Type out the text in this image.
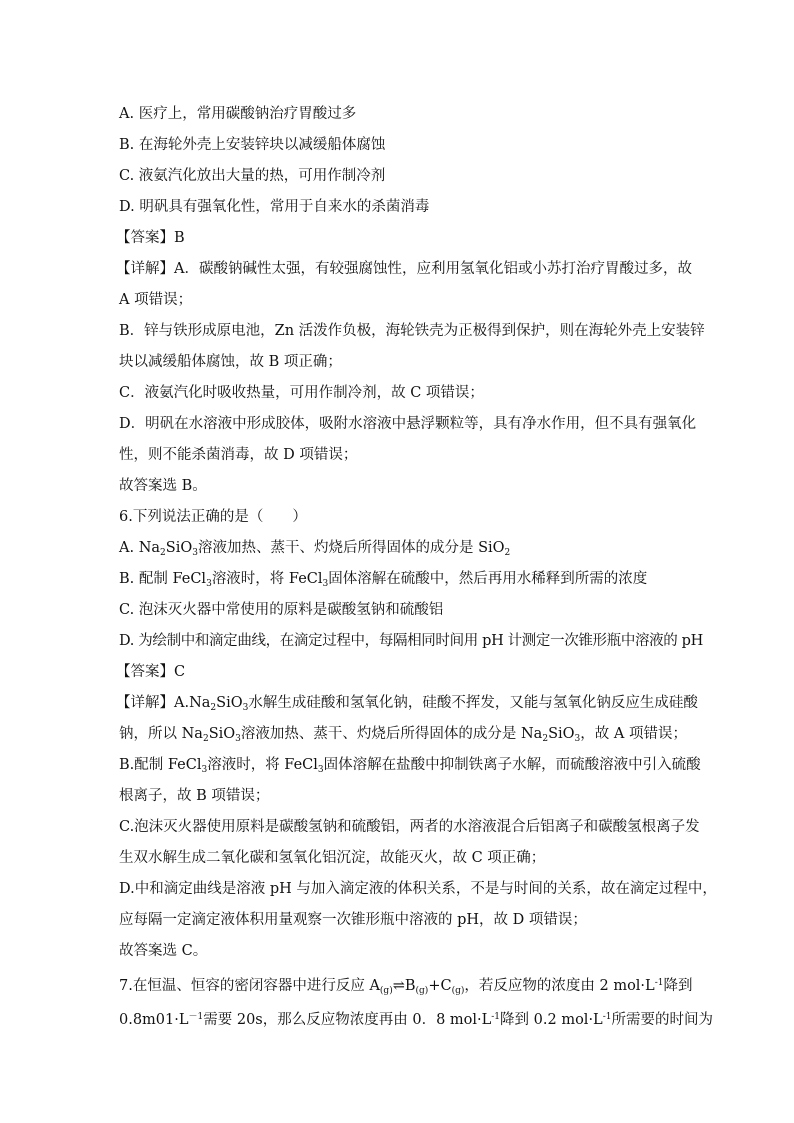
A. 医疗上，常用碳酸钠治疗胃酸过多
B. 在海轮外壳上安装锌块以减缓船体腐蚀
C. 液氨汽化放出大量的热，可用作制冷剂
D. 明矾具有强氧化性，常用于自来水的杀菌消毒
【答案】B
【详解】A．碳酸钠碱性太强，有较强腐蚀性，应利用氢氧化铝或小苏打治疗胃酸过多，故
A 项错误；
B．锌与铁形成原电池，Zn 活泼作负极，海轮铁壳为正极得到保护，则在海轮外壳上安装锌
块以减缓船体腐蚀，故 B 项正确；
C．液氨汽化时吸收热量，可用作制冷剂，故 C 项错误；
D．明矾在水溶液中形成胶体，吸附水溶液中悬浮颗粒等，具有净水作用，但不具有强氧化
性，则不能杀菌消毒，故 D 项错误；
故答案选 B。
6.下列说法正确的是（　　）
A. $Na_2SiO_3$溶液加热、蒸干、灼烧后所得固体的成分是 SiO$_2$
B. 配制 FeCl$_3$溶液时，将 FeCl$_3$固体溶解在硫酸中，然后再用水稀释到所需的浓度
C. 泡沫灭火器中常使用的原料是碳酸氢钠和硫酸铝
D. 为绘制中和滴定曲线，在滴定过程中，每隔相同时间用 pH 计测定一次锥形瓶中溶液的 pH
【答案】C
【详解】$A.Na_2SiO_3$水解生成硅酸和氢氧化钠，硅酸不挥发，又能与氢氧化钠反应生成硅酸
钠，所以 $Na_2SiO_3$溶液加热、蒸干、灼烧后所得固体的成分是 $Na_2SiO_3$，故 A 项错误；
B.配制 FeCl$_3$溶液时，将 FeCl$_3$固体溶解在盐酸中抑制铁离子水解，而硫酸溶液中引入硫酸
根离子，故 B 项错误；
C.泡沫灭火器使用原料是碳酸氢钠和硫酸铝，两者的水溶液混合后铝离子和碳酸氢根离子发
生双水解生成二氧化碳和氢氧化铝沉淀，故能灭火，故 C 项正确；
D.中和滴定曲线是溶液 pH 与加入滴定液的体积关系，不是与时间的关系，故在滴定过程中，
应每隔一定滴定液体积用量观察一次锥形瓶中溶液的 pH，故 D 项错误；
故答案选 C。
7.在恒温、恒容的密闭容器中进行反应 $A_{(g)}\rightleftharpoons B_{(g)}+C_{(g)}$，若反应物的浓度由 2 $mol\cdot L^{-1}$降到
$0.8m01\cdot L^{-1}$需要 20s，那么反应物浓度再由 0．8 $mol\cdot L^{-1}$降到 0.2 $mol\cdot L^{-1}$所需要的时间为
